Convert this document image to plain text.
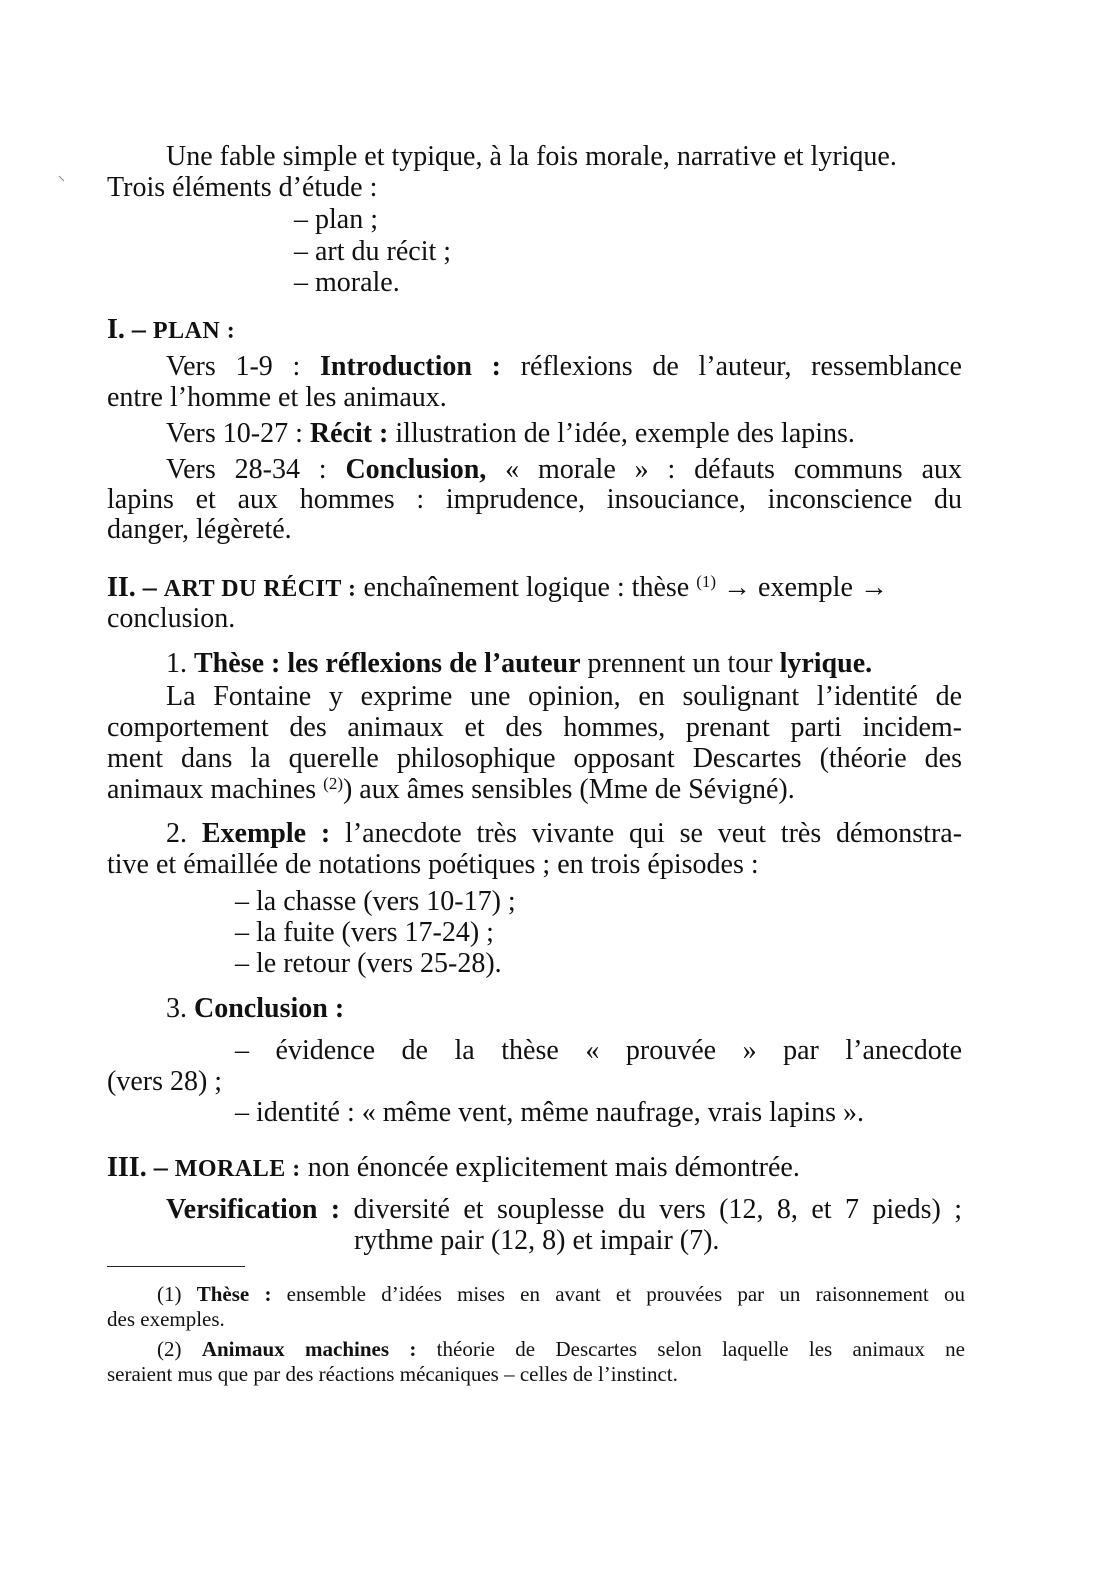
Une fable simple et typique, à la fois morale, narrative et lyrique.
Trois éléments d’étude :
– plan ;
– art du récit ;
– morale.
I. – PLAN :
Vers 1-9 : Introduction : réflexions de l’auteur, ressemblance
entre l’homme et les animaux.
Vers 10-27 : Récit : illustration de l’idée, exemple des lapins.
Vers 28-34 : Conclusion, « morale » : défauts communs aux
lapins et aux hommes : imprudence, insouciance, inconscience du
danger, légèreté.
II. – ART DU RÉCIT : enchaînement logique : thèse $^{(1)}$ → exemple →
conclusion.
1. Thèse : les réflexions de l’auteur prennent un tour lyrique.
La Fontaine y exprime une opinion, en soulignant l’identité de
comportement des animaux et des hommes, prenant parti incidem-
ment dans la querelle philosophique opposant Descartes (théorie des
animaux machines $^{(2)}$) aux âmes sensibles (Mme de Sévigné).
2. Exemple : l’anecdote très vivante qui se veut très démonstra-
tive et émaillée de notations poétiques ; en trois épisodes :
– la chasse (vers 10-17) ;
– la fuite (vers 17-24) ;
– le retour (vers 25-28).
3. Conclusion :
– évidence de la thèse « prouvée » par l’anecdote
(vers 28) ;
– identité : « même vent, même naufrage, vrais lapins ».
III. – MORALE : non énoncée explicitement mais démontrée.
Versification : diversité et souplesse du vers (12, 8, et 7 pieds) ;
rythme pair (12, 8) et impair (7).
(1) Thèse : ensemble d’idées mises en avant et prouvées par un raisonnement ou
des exemples.
(2) Animaux machines : théorie de Descartes selon laquelle les animaux ne
seraient mus que par des réactions mécaniques – celles de l’instinct.
